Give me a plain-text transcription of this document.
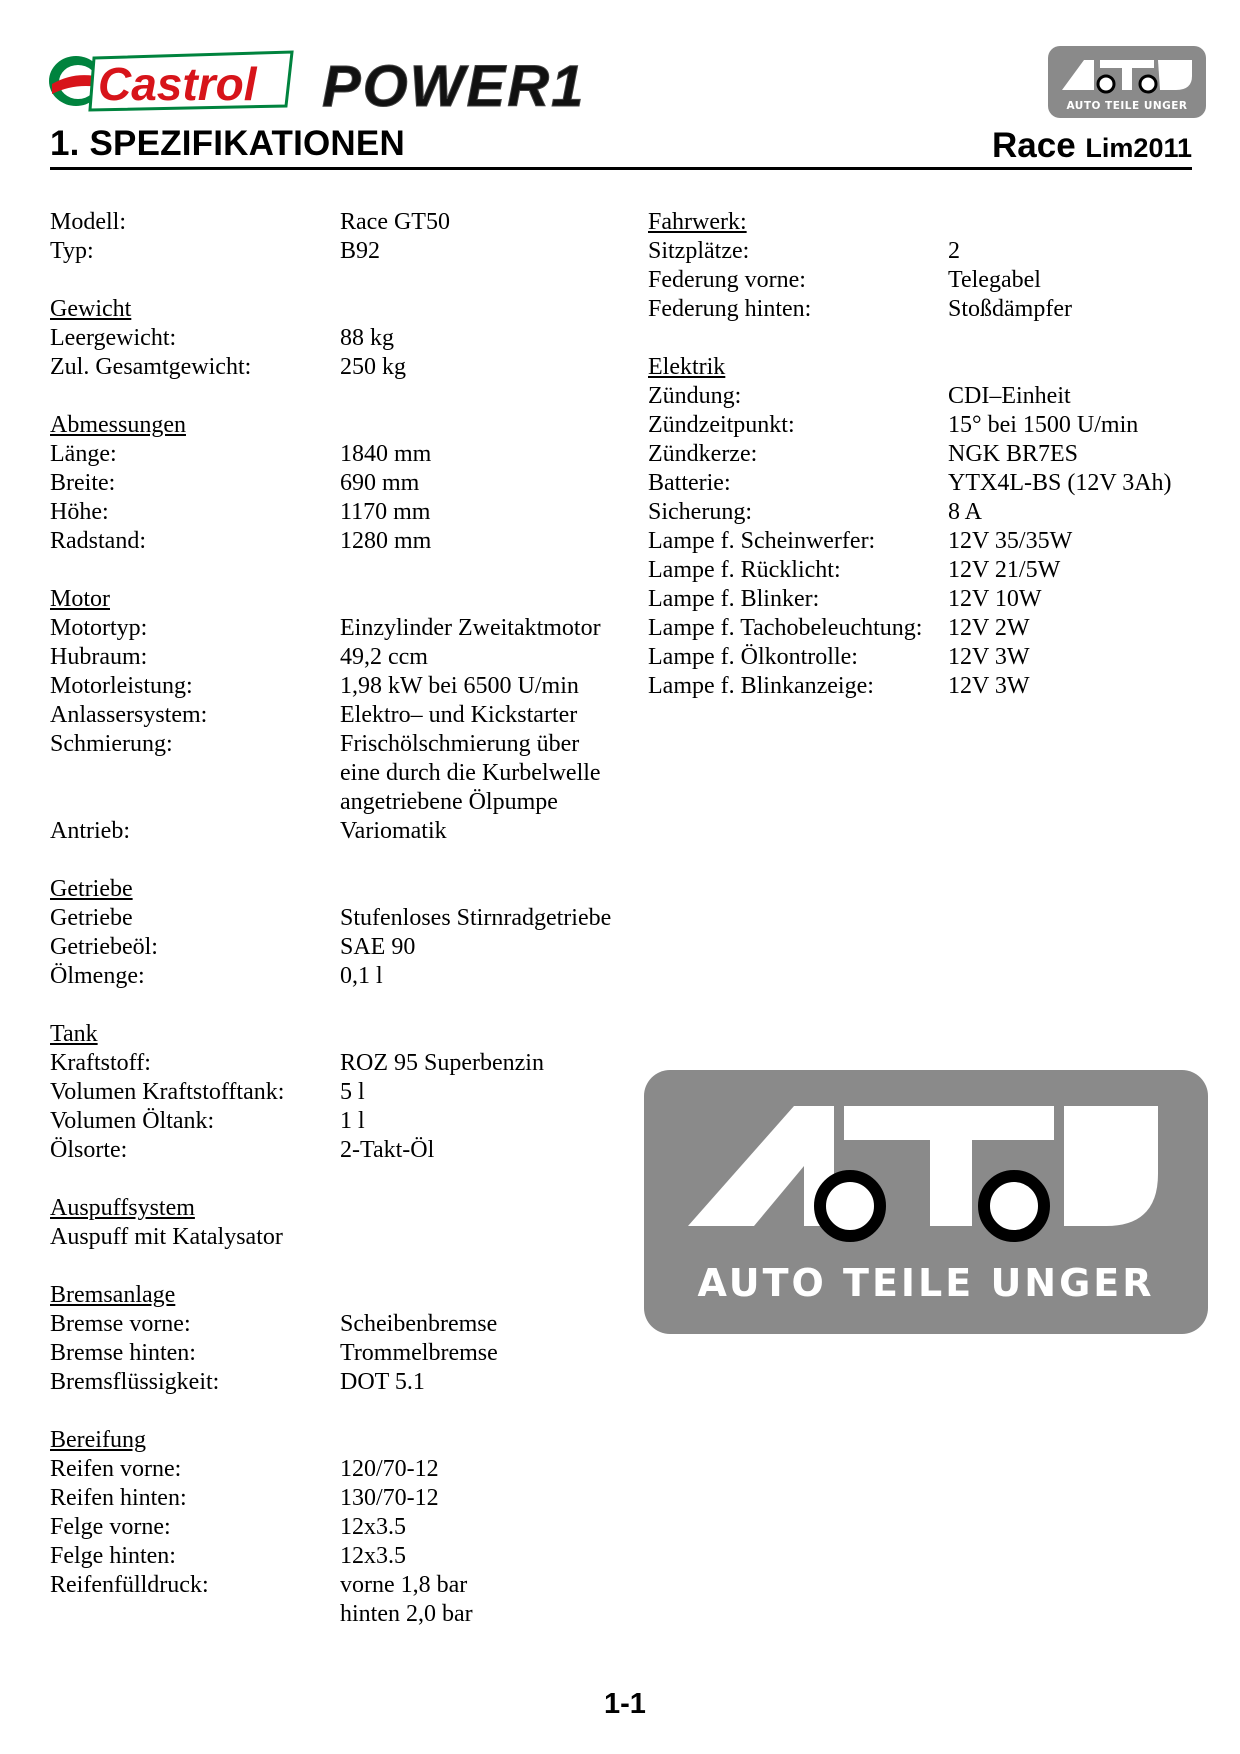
Castrol POWER1	AUTO TEILE UNGER
1. SPEZIFIKATIONEN	Race Lim2011
Modell:	Race GT50
Typ:	B92
Gewicht
Leergewicht:	88 kg
Zul. Gesamtgewicht:	250 kg
Abmessungen
Länge:	1840 mm
Breite:	690 mm
Höhe:	1170 mm
Radstand:	1280 mm
Motor
Motortyp:	Einzylinder Zweitaktmotor
Hubraum:	49,2 ccm
Motorleistung:	1,98 kW bei 6500 U/min
Anlassersystem:	Elektro– und Kickstarter
Schmierung:	Frischölschmierung über
eine durch die Kurbelwelle
angetriebene Ölpumpe
Antrieb:	Variomatik
Getriebe
Getriebe	Stufenloses Stirnradgetriebe
Getriebeöl:	SAE 90
Ölmenge:	0,1 l
Tank
Kraftstoff:	ROZ 95 Superbenzin
Volumen Kraftstofftank: 5 l
Volumen Öltank:	1 l
Ölsorte:	2-Takt-Öl
Auspuffsystem
Auspuff mit Katalysator
Bremsanlage
Bremse vorne:	Scheibenbremse
Bremse hinten:	Trommelbremse
Bremsflüssigkeit:	DOT 5.1
Bereifung
Reifen vorne:	120/70-12
Reifen hinten:	130/70-12
Felge vorne:	12x3.5
Felge hinten:	12x3.5
Reifenfülldruck:	vorne 1,8 bar
hinten 2,0 bar
Fahrwerk:
Sitzplätze:	2
Federung vorne:	Telegabel
Federung hinten:	Stoßdämpfer
Elektrik
Zündung:	CDI–Einheit
Zündzeitpunkt:	15° bei 1500 U/min
Zündkerze:	NGK BR7ES
Batterie:	YTX4L-BS (12V 3Ah)
Sicherung:	8 A
Lampe f. Scheinwerfer:	12V 35/35W
Lampe f. Rücklicht:	12V 21/5W
Lampe f. Blinker:	12V 10W
Lampe f. Tachobeleuchtung: 12V 2W
Lampe f. Ölkontrolle:	12V 3W
Lampe f. Blinkanzeige:	12V 3W
AUTO TEILE UNGER
1-1
